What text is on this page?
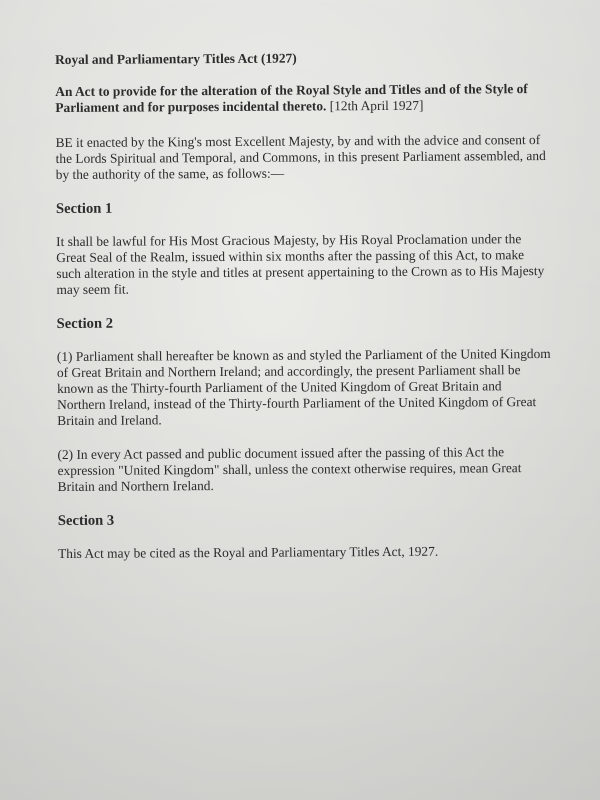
Royal and Parliamentary Titles Act (1927)
An Act to provide for the alteration of the Royal Style and Titles and of the Style of Parliament and for purposes incidental thereto. [12th April 1927]
BE it enacted by the King's most Excellent Majesty, by and with the advice and consent of the Lords Spiritual and Temporal, and Commons, in this present Parliament assembled, and by the authority of the same, as follows:—
Section 1
It shall be lawful for His Most Gracious Majesty, by His Royal Proclamation under the Great Seal of the Realm, issued within six months after the passing of this Act, to make such alteration in the style and titles at present appertaining to the Crown as to His Majesty may seem fit.
Section 2
(1) Parliament shall hereafter be known as and styled the Parliament of the United Kingdom of Great Britain and Northern Ireland; and accordingly, the present Parliament shall be known as the Thirty-fourth Parliament of the United Kingdom of Great Britain and Northern Ireland, instead of the Thirty-fourth Parliament of the United Kingdom of Great Britain and Ireland.
(2) In every Act passed and public document issued after the passing of this Act the expression "United Kingdom" shall, unless the context otherwise requires, mean Great Britain and Northern Ireland.
Section 3
This Act may be cited as the Royal and Parliamentary Titles Act, 1927.
